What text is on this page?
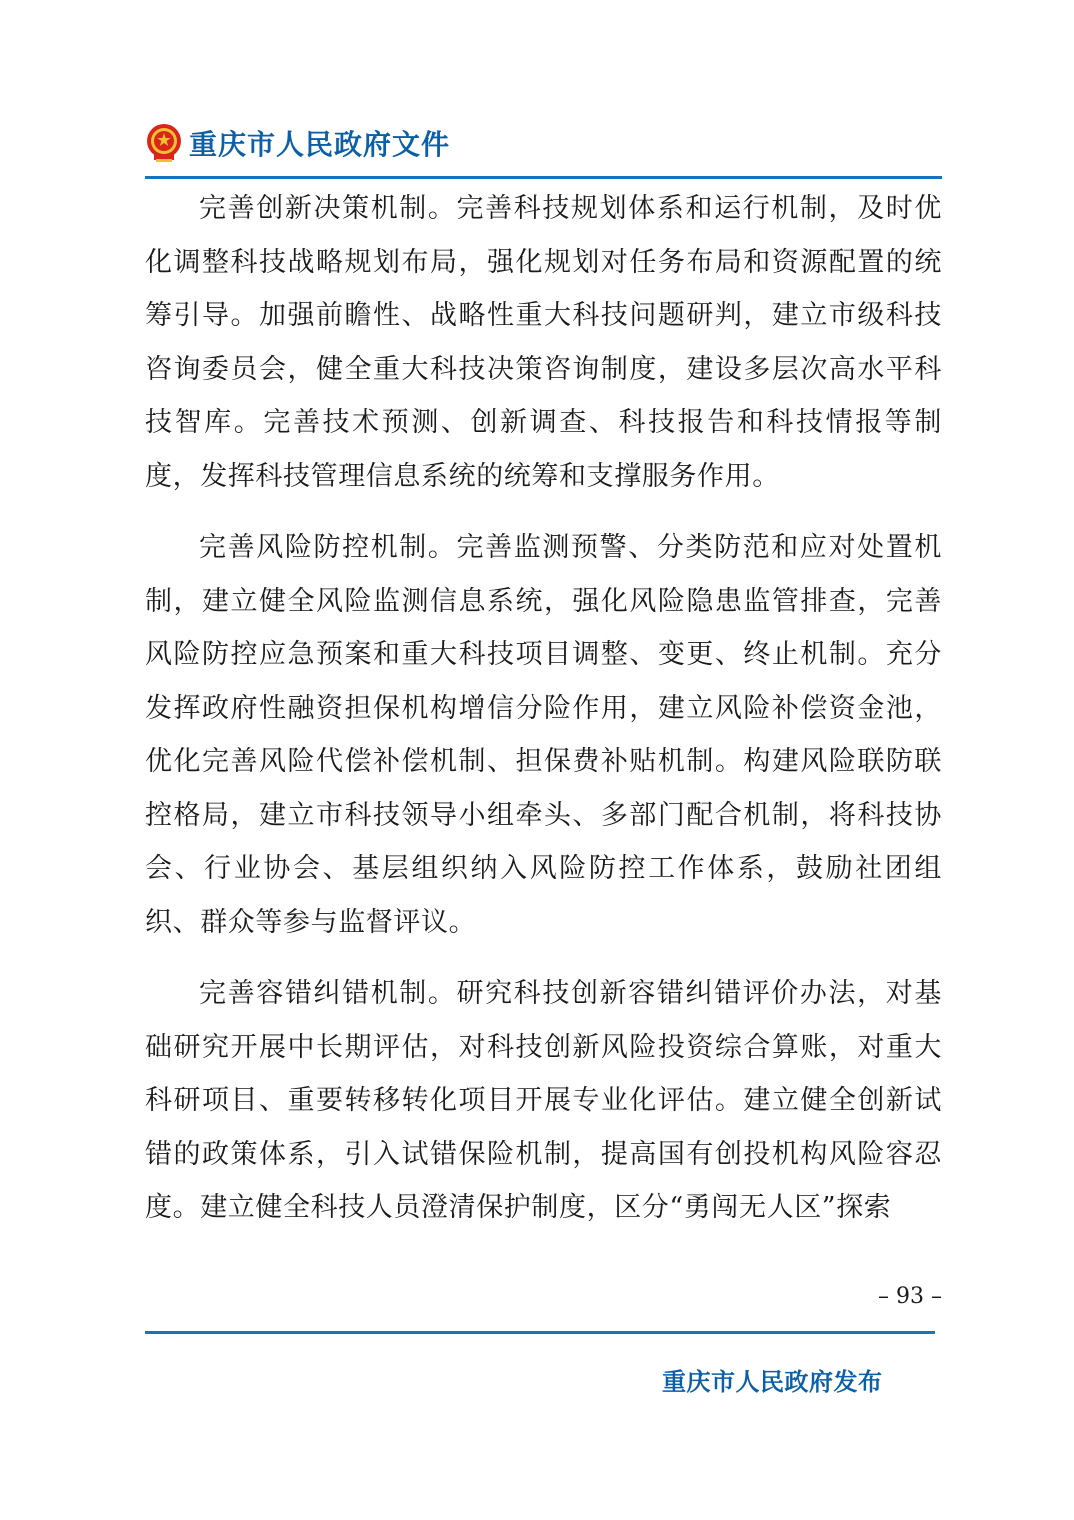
重庆市人民政府文件

完善创新决策机制。完善科技规划体系和运行机制，及时优化调整科技战略规划布局，强化规划对任务布局和资源配置的统筹引导。加强前瞻性、战略性重大科技问题研判，建立市级科技咨询委员会，健全重大科技决策咨询制度，建设多层次高水平科技智库。完善技术预测、创新调查、科技报告和科技情报等制度，发挥科技管理信息系统的统筹和支撑服务作用。

完善风险防控机制。完善监测预警、分类防范和应对处置机制，建立健全风险监测信息系统，强化风险隐患监管排查，完善风险防控应急预案和重大科技项目调整、变更、终止机制。充分发挥政府性融资担保机构增信分险作用，建立风险补偿资金池，优化完善风险代偿补偿机制、担保费补贴机制。构建风险联防联控格局，建立市科技领导小组牵头、多部门配合机制，将科技协会、行业协会、基层组织纳入风险防控工作体系，鼓励社团组织、群众等参与监督评议。

完善容错纠错机制。研究科技创新容错纠错评价办法，对基础研究开展中长期评估，对科技创新风险投资综合算账，对重大科研项目、重要转移转化项目开展专业化评估。建立健全创新试错的政策体系，引入试错保险机制，提高国有创投机构风险容忍度。建立健全科技人员澄清保护制度，区分“勇闯无人区”探索

– 93 –
重庆市人民政府发布
